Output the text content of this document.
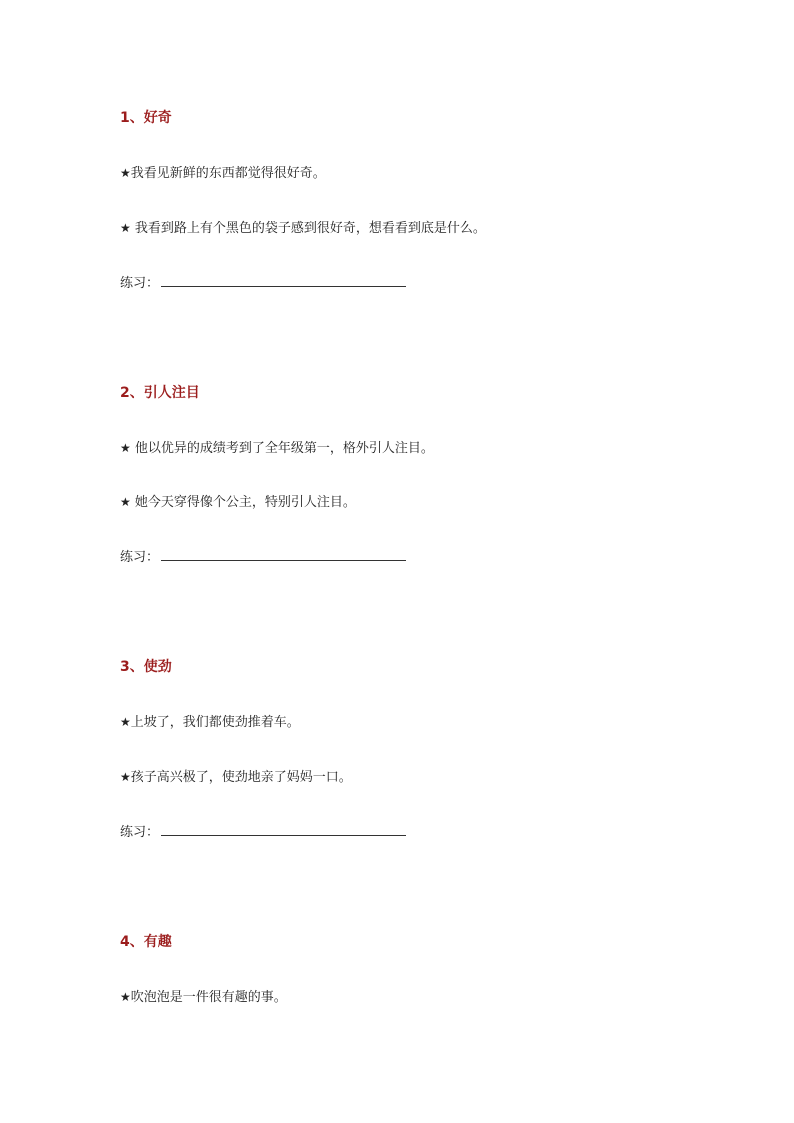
1、好奇
★我看见新鲜的东西都觉得很好奇。
★ 我看到路上有个黑色的袋子感到很好奇，想看看到底是什么。
练习：
2、引人注目
★ 他以优异的成绩考到了全年级第一，格外引人注目。
★ 她今天穿得像个公主，特别引人注目。
练习：
3、使劲
★上坡了，我们都使劲推着车。
★孩子高兴极了，使劲地亲了妈妈一口。
练习：
4、有趣
★吹泡泡是一件很有趣的事。
